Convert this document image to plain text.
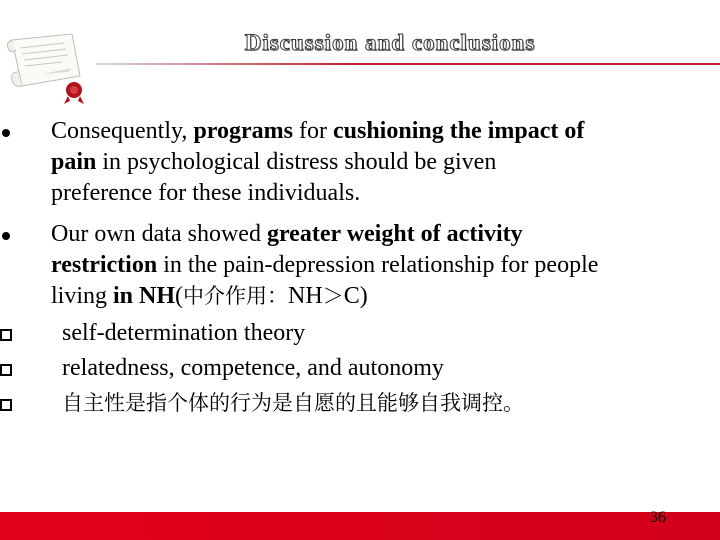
Discussion and conclusions
Consequently, programs for cushioning the impact of
pain in psychological distress should be given
preference for these individuals.
Our own data showed greater weight of activity
restriction in the pain-depression relationship for people
living in NH(中介作用：NH＞C)
self-determination theory
relatedness, competence, and autonomy
自主性是指个体的行为是自愿的且能够自我调控。
36
